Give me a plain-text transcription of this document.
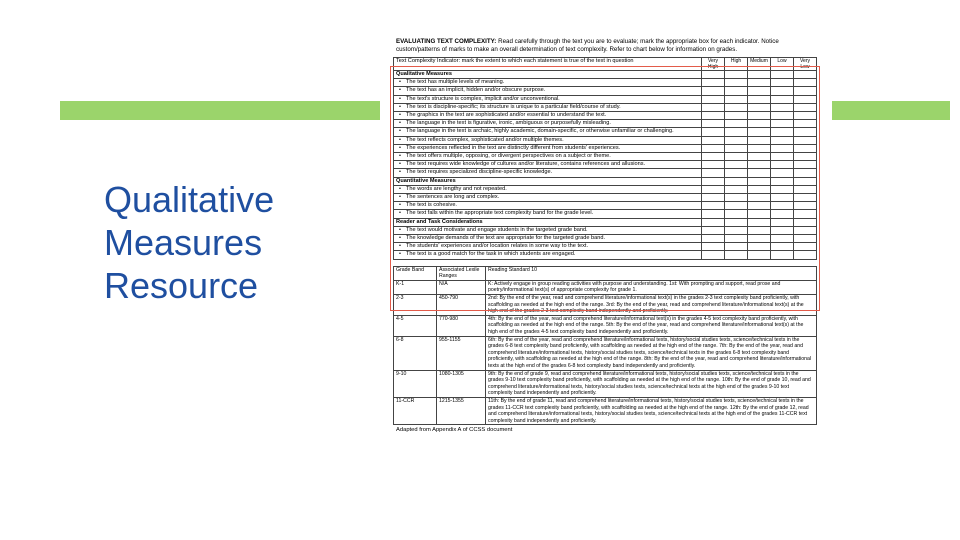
Qualitative
Measures
Resource
EVALUATING TEXT COMPLEXITY: Read carefully through the text you are to evaluate; mark the appropriate box for each indicator. Notice custom/patterns of marks to make an overall determination of text complexity. Refer to chart below for information on grades.
Text Complexity Indicator: mark the extent to which each statement is true of the text in question	Very High	High	Medium	Low	Very Low
Qualitative Measures					
• The text has multiple levels of meaning.					
• The text has an implicit, hidden and/or obscure purpose.					
• The text's structure is complex, implicit and/or unconventional.					
• The text is discipline-specific; its structure is unique to a particular field/course of study.					
• The graphics in the text are sophisticated and/or essential to understand the text.					
• The language in the text is figurative, ironic, ambiguous or purposefully misleading.					
• The language in the text is archaic, highly academic, domain-specific, or otherwise unfamiliar or challenging.					
• The text reflects complex, sophisticated and/or multiple themes.					
• The experiences reflected in the text are distinctly different from students' experiences.					
• The text offers multiple, opposing, or divergent perspectives on a subject or theme.					
• The text requires wide knowledge of cultures and/or literature, contains references and allusions.					
• The text requires specialized discipline-specific knowledge.					
Quantitative Measures					
• The words are lengthy and not repeated.					
• The sentences are long and complex.					
• The text is cohesive.					
• The text falls within the appropriate text complexity band for the grade level.					
Reader and Task Considerations					
• The text would motivate and engage students in the targeted grade band.					
• The knowledge demands of the text are appropriate for the targeted grade band.					
• The students' experiences and/or location relates in some way to the text.					
• The text is a good match for the task in which students are engaged.					
Grade Band	Associated Lexile Ranges	Reading Standard 10
K-1	N/A	K: Actively engage in group reading activities with purpose and understanding. 1st: With prompting and support, read prose and poetry/informational text(s) of appropriate complexity for grade 1.
2-3	450-790	2nd: By the end of the year, read and comprehend literature/informational text(s) in the grades 2-3 text complexity band proficiently, with scaffolding as needed at the high end of the range. 3rd: By the end of the year, read and comprehend literature/informational text(s) at the high end of the grades 2-3 text complexity band independently and proficiently.
4-5	770-980	4th: By the end of the year, read and comprehend literature/informational text(s) in the grades 4-5 text complexity band proficiently, with scaffolding as needed at the high end of the range. 5th: By the end of the year, read and comprehend literature/informational text(s) at the high end of the grades 4-5 text complexity band independently and proficiently.
6-8	955-1155	6th: By the end of the year, read and comprehend literature/informational texts, history/social studies texts, science/technical texts in the grades 6-8 text complexity band proficiently, with scaffolding as needed at the high end of the range. 7th: By the end of the year, read and comprehend literature/informational texts, history/social studies texts, science/technical texts in the grades 6-8 text complexity band proficiently, with scaffolding as needed at the high end of the range. 8th: By the end of the year, read and comprehend literature/informational texts at the high end of the grades 6-8 text complexity band independently and proficiently.
9-10	1080-1305	9th: By the end of grade 9, read and comprehend literature/informational texts, history/social studies texts, science/technical texts in the grades 9-10 text complexity band proficiently, with scaffolding as needed at the high end of the range. 10th: By the end of grade 10, read and comprehend literature/informational texts, history/social studies texts, science/technical texts at the high end of the grades 9-10 text complexity band independently and proficiently.
11-CCR	1215-1355	11th: By the end of grade 11, read and comprehend literature/informational texts, history/social studies texts, science/technical texts in the grades 11-CCR text complexity band proficiently, with scaffolding as needed at the high end of the range. 12th: By the end of grade 12, read and comprehend literature/informational texts, history/social studies texts, science/technical texts at the high end of the grades 11-CCR text complexity band independently and proficiently.
Adapted from Appendix A of CCSS document
